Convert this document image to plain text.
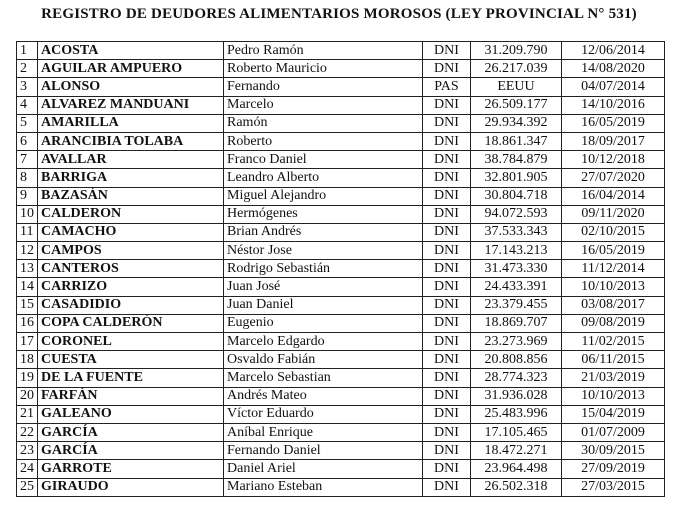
REGISTRO DE DEUDORES ALIMENTARIOS MOROSOS (LEY PROVINCIAL N° 531)
1	ACOSTA	Pedro Ramón	DNI	31.209.790	12/06/2014
2	AGUILAR AMPUERO	Roberto Mauricio	DNI	26.217.039	14/08/2020
3	ALONSO	Fernando	PAS	EEUU	04/07/2014
4	ALVAREZ MANDUANI	Marcelo	DNI	26.509.177	14/10/2016
5	AMARILLA	Ramón	DNI	29.934.392	16/05/2019
6	ARANCIBIA TOLABA	Roberto	DNI	18.861.347	18/09/2017
7	AVALLAR	Franco Daniel	DNI	38.784.879	10/12/2018
8	BARRIGA	Leandro Alberto	DNI	32.801.905	27/07/2020
9	BAZASÁN	Miguel Alejandro	DNI	30.804.718	16/04/2014
10	CALDERON	Hermógenes	DNI	94.072.593	09/11/2020
11	CAMACHO	Brian Andrés	DNI	37.533.343	02/10/2015
12	CAMPOS	Néstor Jose	DNI	17.143.213	16/05/2019
13	CANTEROS	Rodrigo Sebastián	DNI	31.473.330	11/12/2014
14	CARRIZO	Juan José	DNI	24.433.391	10/10/2013
15	CASADIDIO	Juan Daniel	DNI	23.379.455	03/08/2017
16	COPA CALDERÓN	Eugenio	DNI	18.869.707	09/08/2019
17	CORONEL	Marcelo Edgardo	DNI	23.273.969	11/02/2015
18	CUESTA	Osvaldo Fabián	DNI	20.808.856	06/11/2015
19	DE LA FUENTE	Marcelo Sebastian	DNI	28.774.323	21/03/2019
20	FARFÁN	Andrés Mateo	DNI	31.936.028	10/10/2013
21	GALEANO	Víctor Eduardo	DNI	25.483.996	15/04/2019
22	GARCÍA	Aníbal Enrique	DNI	17.105.465	01/07/2009
23	GARCÍA	Fernando Daniel	DNI	18.472.271	30/09/2015
24	GARROTE	Daniel Ariel	DNI	23.964.498	27/09/2019
25	GIRAUDO	Mariano Esteban	DNI	26.502.318	27/03/2015
